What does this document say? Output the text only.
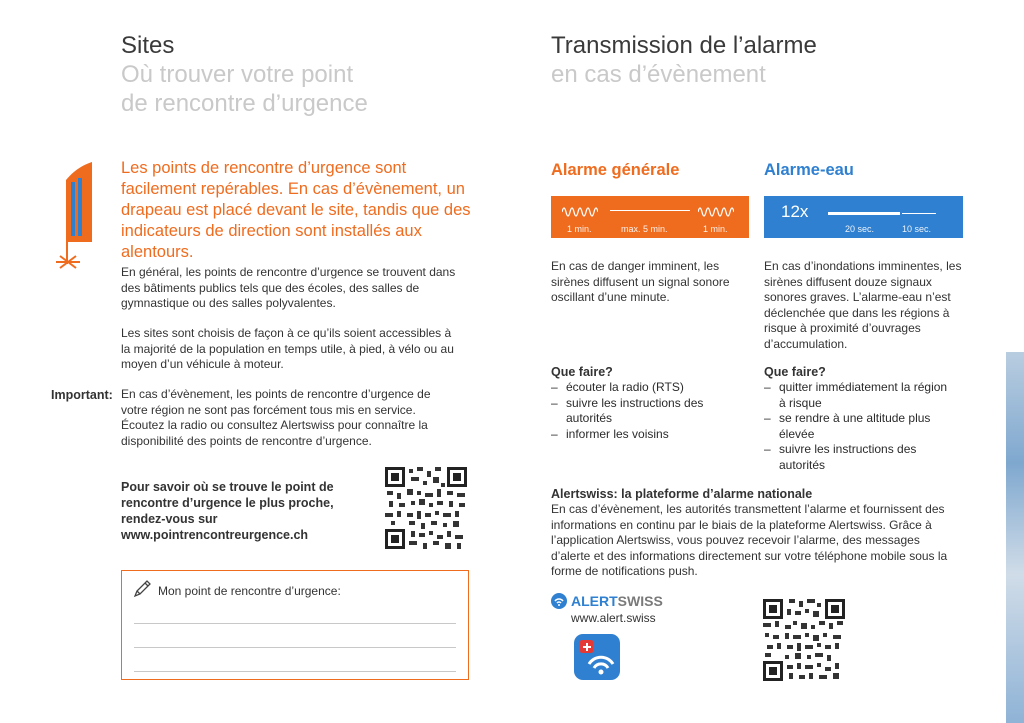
Sites
Où trouver votre point
de rencontre d’urgence
Les points de rencontre d’urgence sont facilement repérables. En cas d’évènement, un drapeau est placé devant le site, tandis que des indicateurs de direction sont installés aux alentours.
En général, les points de rencontre d’urgence se trouvent dans des bâtiments publics tels que des écoles, des salles de gymnastique ou des salles polyvalentes.
Les sites sont choisis de façon à ce qu’ils soient accessibles à la majorité de la population en temps utile, à pied, à vélo ou au moyen d’un véhicule à moteur.
Important: En cas d’évènement, les points de rencontre d’urgence de votre région ne sont pas forcément tous mis en service. Écoutez la radio ou consultez Alertswiss pour connaître la disponibilité des points de rencontre d’urgence.
Pour savoir où se trouve le point de rencontre d’urgence le plus proche, rendez-vous sur www.pointrencontreurgence.ch
Mon point de rencontre d’urgence:
Transmission de l’alarme
en cas d’évènement
Alarme générale
1 min.	max. 5 min.	1 min.
En cas de danger imminent, les sirènes diffusent un signal sonore oscillant d’une minute.
Que faire?
– écouter la radio (RTS)
– suivre les instructions des autorités
– informer les voisins
Alarme-eau
12x
20 sec.	10 sec.
En cas d’inondations imminentes, les sirènes diffusent douze signaux sonores graves. L’alarme-eau n’est déclenchée que dans les régions à risque à proximité d’ouvrages d’accumulation.
Que faire?
– quitter immédiatement la région à risque
– se rendre à une altitude plus élevée
– suivre les instructions des autorités
Alertswiss: la plateforme d’alarme nationale
En cas d’évènement, les autorités transmettent l’alarme et fournissent des informations en continu par le biais de la plateforme Alertswiss. Grâce à l’application Alertswiss, vous pouvez recevoir l’alarme, des messages d’alerte et des informations directement sur votre téléphone mobile sous la forme de notifications push.
ALERT SWISS
www.alert.swiss
